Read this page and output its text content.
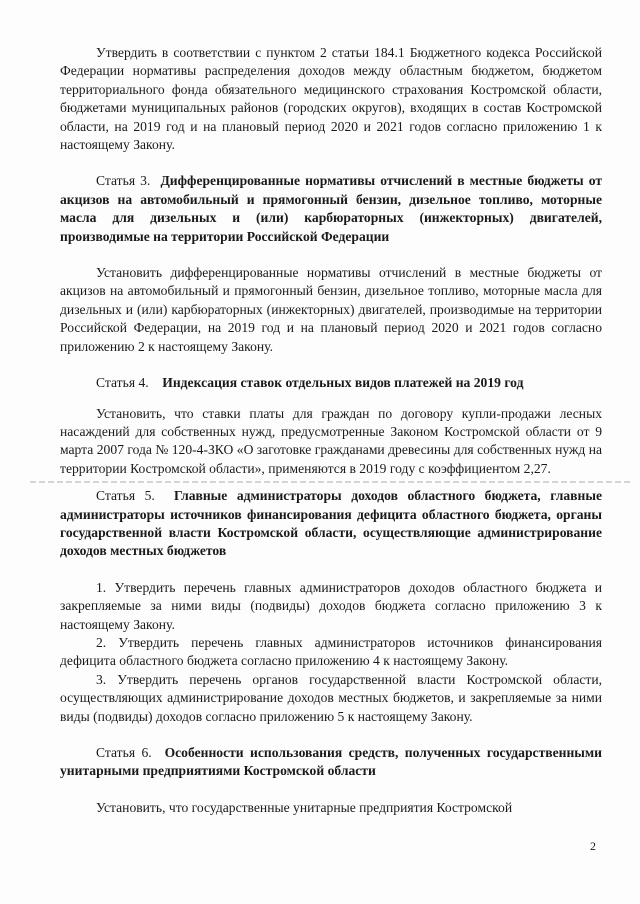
Утвердить в соответствии с пунктом 2 статьи 184.1 Бюджетного кодекса Российской Федерации нормативы распределения доходов между областным бюджетом, бюджетом территориального фонда обязательного медицинского страхования Костромской области, бюджетами муниципальных районов (городских округов), входящих в состав Костромской области, на 2019 год и на плановый период 2020 и 2021 годов согласно приложению 1 к настоящему Закону.

Статья 3. Дифференцированные нормативы отчислений в местные бюджеты от акцизов на автомобильный и прямогонный бензин, дизельное топливо, моторные масла для дизельных и (или) карбюраторных (инжекторных) двигателей, производимые на территории Российской Федерации

Установить дифференцированные нормативы отчислений в местные бюджеты от акцизов на автомобильный и прямогонный бензин, дизельное топливо, моторные масла для дизельных и (или) карбюраторных (инжекторных) двигателей, производимые на территории Российской Федерации, на 2019 год и на плановый период 2020 и 2021 годов согласно приложению 2 к настоящему Закону.

Статья 4. Индексация ставок отдельных видов платежей на 2019 год

Установить, что ставки платы для граждан по договору купли-продажи лесных насаждений для собственных нужд, предусмотренные Законом Костромской области от 9 марта 2007 года № 120-4-ЗКО «О заготовке гражданами древесины для собственных нужд на территории Костромской области», применяются в 2019 году с коэффициентом 2,27.

Статья 5. Главные администраторы доходов областного бюджета, главные администраторы источников финансирования дефицита областного бюджета, органы государственной власти Костромской области, осуществляющие администрирование доходов местных бюджетов

1. Утвердить перечень главных администраторов доходов областного бюджета и закрепляемые за ними виды (подвиды) доходов бюджета согласно приложению 3 к настоящему Закону.

2. Утвердить перечень главных администраторов источников финансирования дефицита областного бюджета согласно приложению 4 к настоящему Закону.

3. Утвердить перечень органов государственной власти Костромской области, осуществляющих администрирование доходов местных бюджетов, и закрепляемые за ними виды (подвиды) доходов согласно приложению 5 к настоящему Закону.

Статья 6. Особенности использования средств, полученных государственными унитарными предприятиями Костромской области

Установить, что государственные унитарные предприятия Костромской

2
